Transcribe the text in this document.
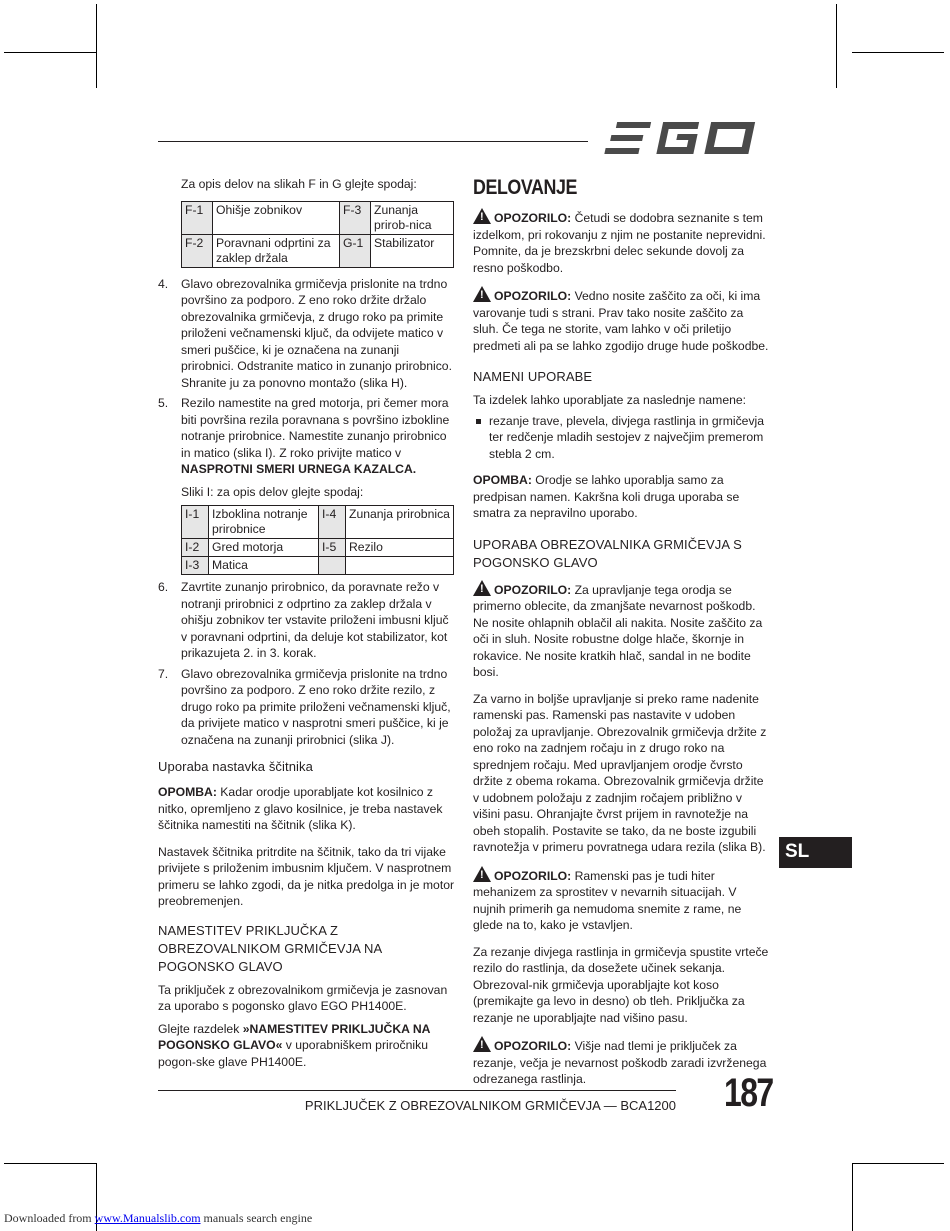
Za opis delov na slikah F in G glejte spodaj:

F-1	Ohišje zobnikov	F-3	Zunanja prirob-nica
F-2	Poravnani odprtini za zaklep držala	G-1	Stabilizator
4. Glavo obrezovalnika grmičevja prislonite na trdno površino za podporo. Z eno roko držite držalo obrezovalnika grmičevja, z drugo roko pa primite priloženi večnamenski ključ, da odvijete matico v smeri puščice, ki je označena na zunanji prirobnici. Odstranite matico in zunanjo prirobnico. Shranite ju za ponovno montažo (slika H).
5. Rezilo namestite na gred motorja, pri čemer mora biti površina rezila poravnana s površino izbokline notranje prirobnice. Namestite zunanjo prirobnico in matico (slika I). Z roko privijte matico v NASPROTNI SMERI URNEGA KAZALCA.

Sliki I: za opis delov glejte spodaj:

I-1	Izboklina notranje prirobnice	I-4	Zunanja prirobnica
I-2	Gred motorja	I-5	Rezilo
I-3	Matica		
6. Zavrtite zunanjo prirobnico, da poravnate režo v notranji prirobnici z odprtino za zaklep držala v ohišju zobnikov ter vstavite priloženi imbusni ključ v poravnani odprtini, da deluje kot stabilizator, kot prikazujeta 2. in 3. korak.
7. Glavo obrezovalnika grmičevja prislonite na trdno površino za podporo. Z eno roko držite rezilo, z drugo roko pa primite priloženi večnamenski ključ, da privijete matico v nasprotni smeri puščice, ki je označena na zunanji prirobnici (slika J).

Uporaba nastavka ščitnika

OPOMBA: Kadar orodje uporabljate kot kosilnico z nitko, opremljeno z glavo kosilnice, je treba nastavek ščitnika namestiti na ščitnik (slika K).

Nastavek ščitnika pritrdite na ščitnik, tako da tri vijake privijete s priloženim imbusnim ključem. V nasprotnem primeru se lahko zgodi, da je nitka predolga in je motor preobremenjen.

NAMESTITEV PRIKLJUČKA Z OBREZOVALNIKOM GRMIČEVJA NA POGONSKO GLAVO

Ta priključek z obrezovalnikom grmičevja je zasnovan za uporabo s pogonsko glavo EGO PH1400E.

Glejte razdelek »NAMESTITEV PRIKLJUČKA NA POGONSKO GLAVO« v uporabniškem priročniku pogon-ske glave PH1400E.

DELOVANJE

! OPOZORILO: Četudi se dodobra seznanite s tem izdelkom, pri rokovanju z njim ne postanite neprevidni. Pomnite, da je brezskrbni delec sekunde dovolj za resno poškodbo.

! OPOZORILO: Vedno nosite zaščito za oči, ki ima varovanje tudi s strani. Prav tako nosite zaščito za sluh. Če tega ne storite, vam lahko v oči priletijo predmeti ali pa se lahko zgodijo druge hude poškodbe.

NAMENI UPORABE

Ta izdelek lahko uporabljate za naslednje namene:

rezanje trave, plevela, divjega rastlinja in grmičevja ter redčenje mladih sestojev z največjim premerom stebla 2 cm.

OPOMBA: Orodje se lahko uporablja samo za predpisan namen. Kakršna koli druga uporaba se smatra za nepravilno uporabo.

UPORABA OBREZOVALNIKA GRMIČEVJA S POGONSKO GLAVO

! OPOZORILO: Za upravljanje tega orodja se primerno oblecite, da zmanjšate nevarnost poškodb. Ne nosite ohlapnih oblačil ali nakita. Nosite zaščito za oči in sluh. Nosite robustne dolge hlače, škornje in rokavice. Ne nosite kratkih hlač, sandal in ne bodite bosi.

Za varno in boljše upravljanje si preko rame nadenite ramenski pas. Ramenski pas nastavite v udoben položaj za upravljanje. Obrezovalnik grmičevja držite z eno roko na zadnjem ročaju in z drugo roko na sprednjem ročaju. Med upravljanjem orodje čvrsto držite z obema rokama. Obrezovalnik grmičevja držite v udobnem položaju z zadnjim ročajem približno v višini pasu. Ohranjajte čvrst prijem in ravnotežje na obeh stopalih. Postavite se tako, da ne boste izgubili ravnotežja v primeru povratnega udara rezila (slika B).

! OPOZORILO: Ramenski pas je tudi hiter mehanizem za sprostitev v nevarnih situacijah. V nujnih primerih ga nemudoma snemite z rame, ne glede na to, kako je vstavljen.

Za rezanje divjega rastlinja in grmičevja spustite vrteče rezilo do rastlinja, da dosežete učinek sekanja. Obrezoval-nik grmičevja uporabljajte kot koso (premikajte ga levo in desno) ob tleh. Priključka za rezanje ne uporabljajte nad višino pasu.

! OPOZORILO: Višje nad tlemi je priključek za rezanje, večja je nevarnost poškodb zaradi izvrženega odrezanega rastlinja.

SL
PRIKLJUČEK Z OBREZOVALNIKOM GRMIČEVJA — BCA1200 187
Downloaded from www.Manualslib.com manuals search engine
